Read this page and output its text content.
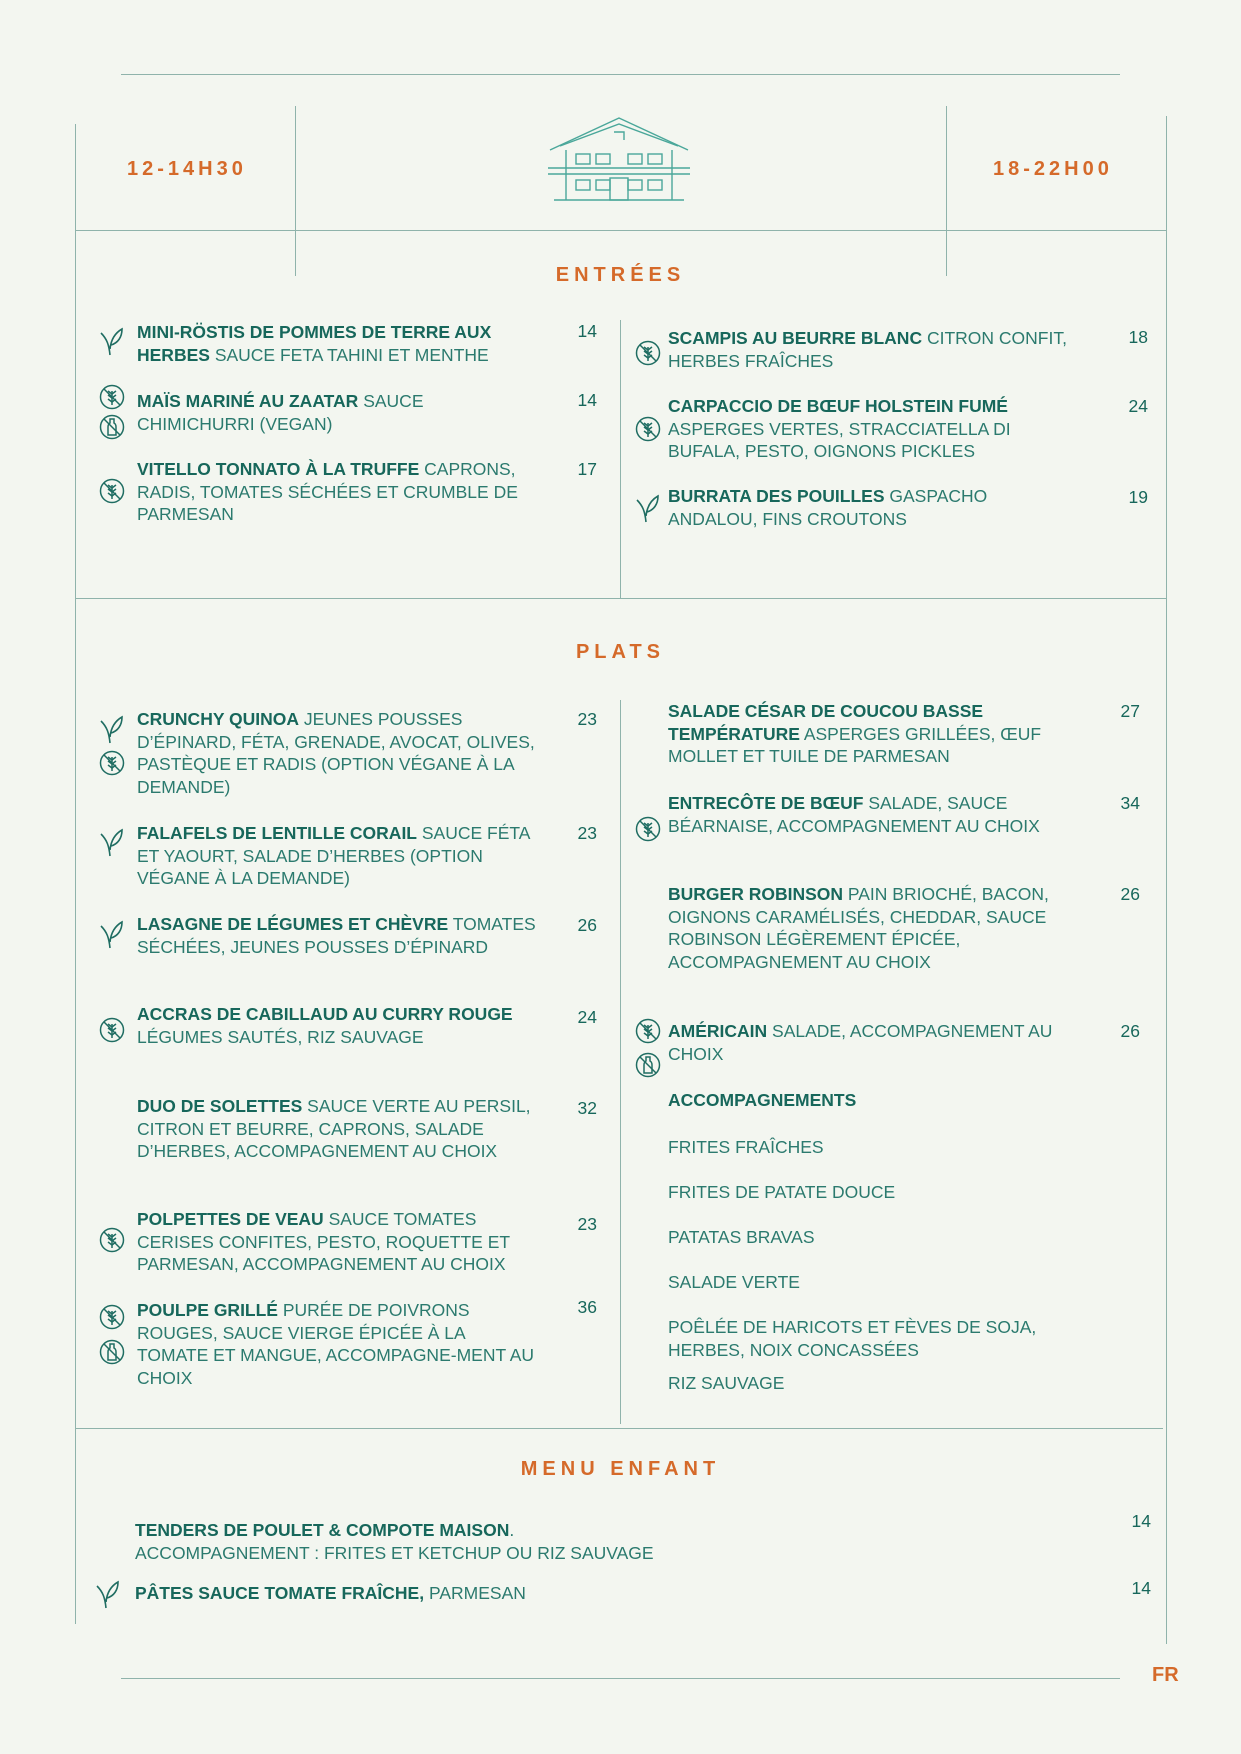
12-14H30	18-22H00
ENTRÉES
MINI-RÖSTIS DE POMMES DE TERRE AUX HERBES SAUCE FETA TAHINI ET MENTHE
14
MAÏS MARINÉ AU ZAATAR SAUCE CHIMICHURRI (VEGAN)
14
VITELLO TONNATO À LA TRUFFE CAPRONS, RADIS, TOMATES SÉCHÉES ET CRUMBLE DE PARMESAN
17
SCAMPIS AU BEURRE BLANC CITRON CONFIT, HERBES FRAÎCHES
18
CARPACCIO DE BŒUF HOLSTEIN FUMÉ ASPERGES VERTES, STRACCIATELLA DI BUFALA, PESTO, OIGNONS PICKLES
24
BURRATA DES POUILLES GASPACHO ANDALOU, FINS CROUTONS
19
PLATS
CRUNCHY QUINOA JEUNES POUSSES D’ÉPINARD, FÉTA, GRENADE, AVOCAT, OLIVES, PASTÈQUE ET RADIS (OPTION VÉGANE À LA DEMANDE)
23
FALAFELS DE LENTILLE CORAIL SAUCE FÉTA ET YAOURT, SALADE D’HERBES (OPTION VÉGANE À LA DEMANDE)
23
LASAGNE DE LÉGUMES ET CHÈVRE TOMATES SÉCHÉES, JEUNES POUSSES D’ÉPINARD
26
ACCRAS DE CABILLAUD AU CURRY ROUGE LÉGUMES SAUTÉS, RIZ SAUVAGE
24
DUO DE SOLETTES SAUCE VERTE AU PERSIL, CITRON ET BEURRE, CAPRONS, SALADE D’HERBES, ACCOMPAGNEMENT AU CHOIX
32
POLPETTES DE VEAU SAUCE TOMATES CERISES CONFITES, PESTO, ROQUETTE ET PARMESAN, ACCOMPAGNEMENT AU CHOIX
23
POULPE GRILLÉ PURÉE DE POIVRONS ROUGES, SAUCE VIERGE ÉPICÉE À LA TOMATE ET MANGUE, ACCOMPAGNE-MENT AU CHOIX
36
SALADE CÉSAR DE COUCOU BASSE TEMPÉRATURE ASPERGES GRILLÉES, ŒUF MOLLET ET TUILE DE PARMESAN
27
ENTRECÔTE DE BŒUF SALADE, SAUCE BÉARNAISE, ACCOMPAGNEMENT AU CHOIX
34
BURGER ROBINSON PAIN BRIOCHÉ, BACON, OIGNONS CARAMÉLISÉS, CHEDDAR, SAUCE ROBINSON LÉGÈREMENT ÉPICÉE, ACCOMPAGNEMENT AU CHOIX
26
AMÉRICAIN SALADE, ACCOMPAGNEMENT AU CHOIX
26
ACCOMPAGNEMENTS
FRITES FRAÎCHES
FRITES DE PATATE DOUCE
PATATAS BRAVAS
SALADE VERTE
POÊLÉE DE HARICOTS ET FÈVES DE SOJA, HERBES, NOIX CONCASSÉES
RIZ SAUVAGE
MENU ENFANT
TENDERS DE POULET & COMPOTE MAISON.
ACCOMPAGNEMENT : FRITES ET KETCHUP OU RIZ SAUVAGE
14
PÂTES SAUCE TOMATE FRAÎCHE, PARMESAN	14
FR
